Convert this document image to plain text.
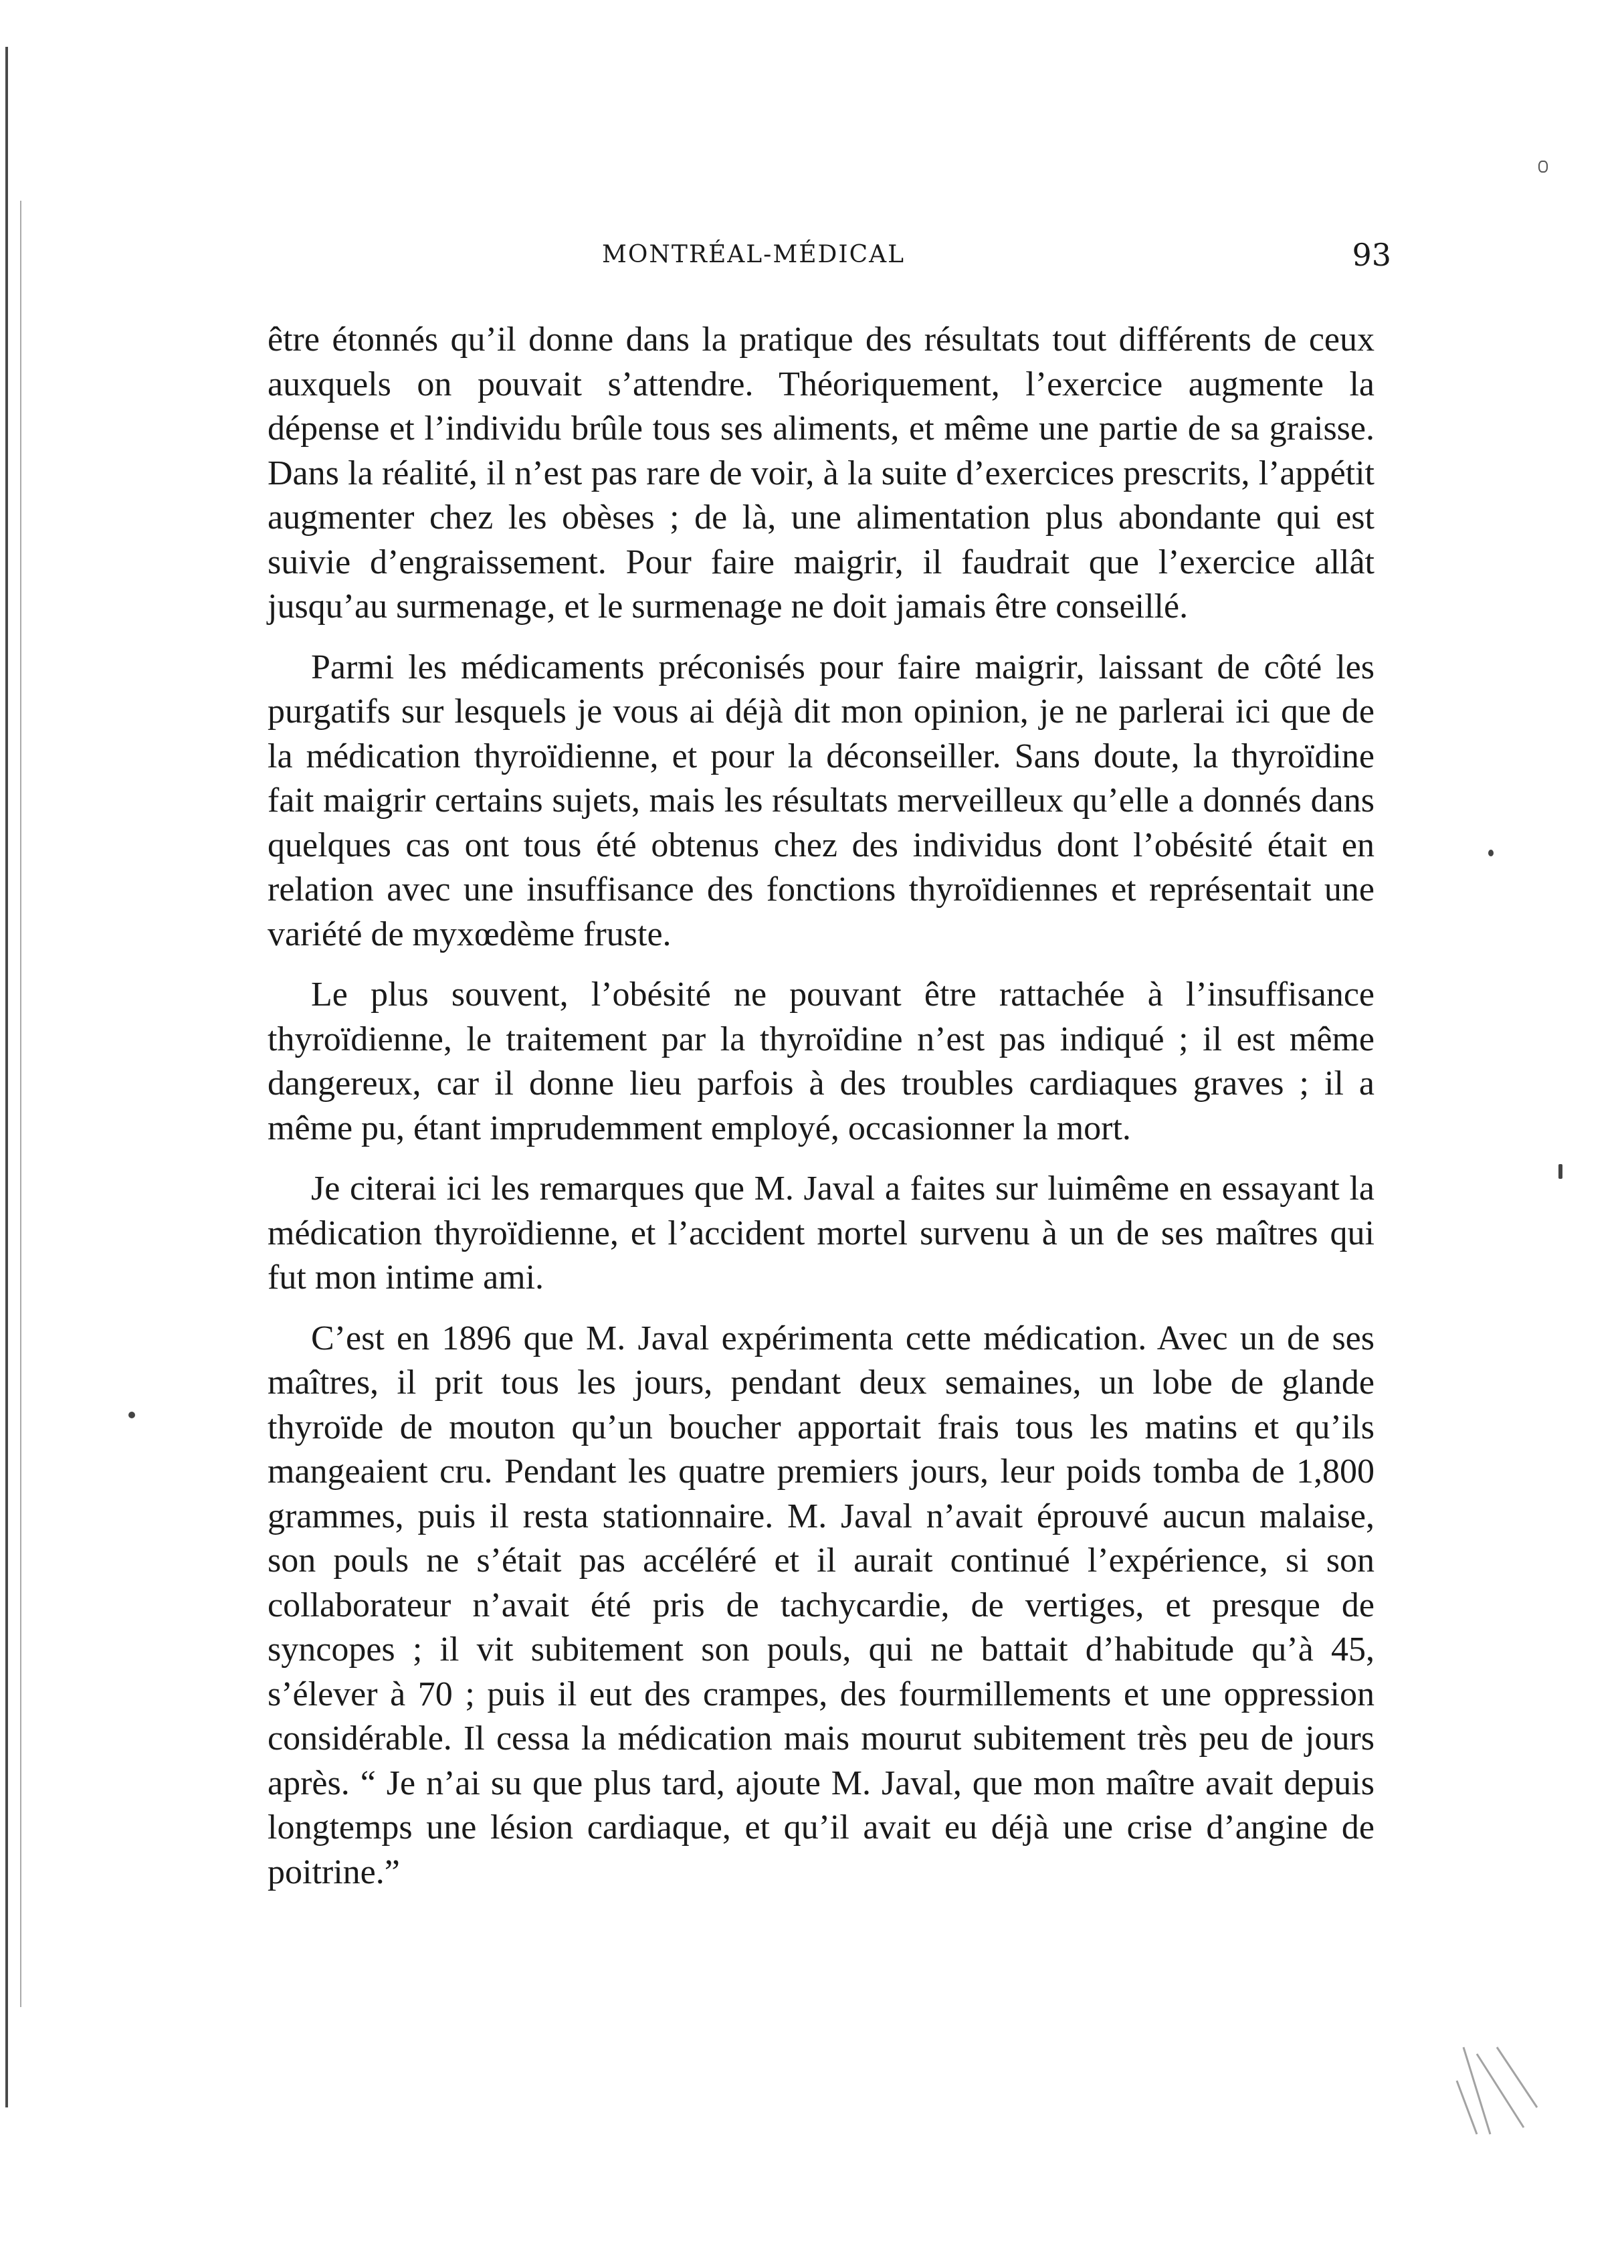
MONTRÉAL-MÉDICAL	93

être étonnés qu’il donne dans la pratique des résultats tout différents de ceux auxquels on pouvait s’attendre. Théoriquement, l’exercice augmente la dépense et l’individu brûle tous ses aliments, et même une partie de sa graisse. Dans la réalité, il n’est pas rare de voir, à la suite d’exercices prescrits, l’appétit augmenter chez les obèses ; de là, une alimentation plus abondante qui est suivie d’engraissement. Pour faire maigrir, il faudrait que l’exercice allât jusqu’au surmenage, et le surmenage ne doit jamais être conseillé.

Parmi les médicaments préconisés pour faire maigrir, laissant de côté les purgatifs sur lesquels je vous ai déjà dit mon opinion, je ne parlerai ici que de la médication thyroïdienne, et pour la déconseiller. Sans doute, la thyroïdine fait maigrir certains sujets, mais les résultats merveilleux qu’elle a donnés dans quelques cas ont tous été obtenus chez des individus dont l’obésité était en relation avec une insuffisance des fonctions thyroïdiennes et représentait une variété de myxœdème fruste.

Le plus souvent, l’obésité ne pouvant être rattachée à l’insuffisance thyroïdienne, le traitement par la thyroïdine n’est pas indiqué ; il est même dangereux, car il donne lieu parfois à des troubles cardiaques graves ; il a même pu, étant imprudemment employé, occasionner la mort.

Je citerai ici les remarques que M. Javal a faites sur luimême en essayant la médication thyroïdienne, et l’accident mortel survenu à un de ses maîtres qui fut mon intime ami.

C’est en 1896 que M. Javal expérimenta cette médication. Avec un de ses maîtres, il prit tous les jours, pendant deux semaines, un lobe de glande thyroïde de mouton qu’un boucher apportait frais tous les matins et qu’ils mangeaient cru. Pendant les quatre premiers jours, leur poids tomba de 1,800 grammes, puis il resta stationnaire. M. Javal n’avait éprouvé aucun malaise, son pouls ne s’était pas accéléré et il aurait continué l’expérience, si son collaborateur n’avait été pris de tachycardie, de vertiges, et presque de syncopes ; il vit subitement son pouls, qui ne battait d’habitude qu’à 45, s’élever à 70 ; puis il eut des crampes, des fourmillements et une oppression considérable. Il cessa la médication mais mourut subitement très peu de jours après. “ Je n’ai su que plus tard, ajoute M. Javal, que mon maître avait depuis longtemps une lésion cardiaque, et qu’il avait eu déjà une crise d’angine de poitrine.”
